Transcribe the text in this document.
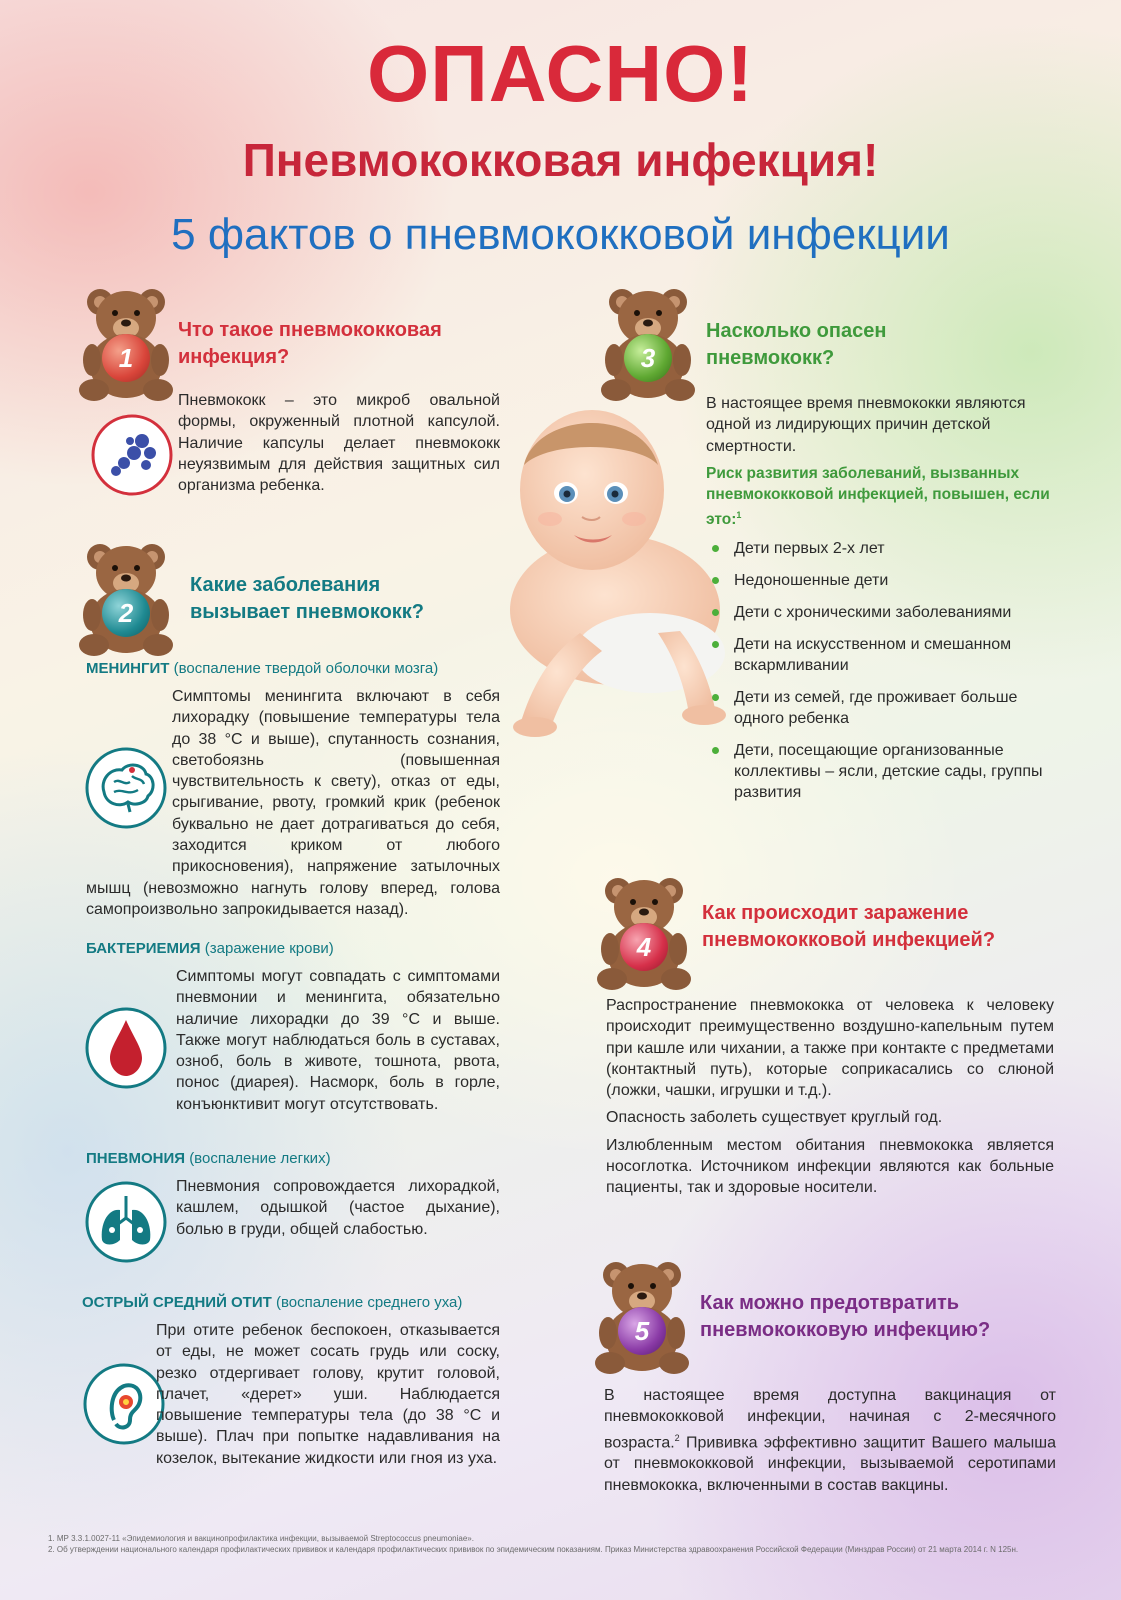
ОПАСНО!
Пневмококковая инфекция!
5 фактов о пневмококковой инфекции
1
Что такое пневмококковая
инфекция?
Пневмококк – это микроб овальной формы, окруженный плотной капсулой. Наличие капсулы делает пневмококк неуязвимым для действия защитных сил организма ребенка.
2
Какие заболевания
вызывает пневмококк?
МЕНИНГИТ (воспаление твердой оболочки мозга)
Симптомы менингита включают в себя лихорадку (повышение температуры тела до 38 °С и выше), спутанность сознания, светобоязнь (повышенная чувствительность к свету), отказ от еды, срыгивание, рвоту, громкий крик (ребенок буквально не дает дотрагиваться до себя, заходится криком от любого прикосновения), напряжение затылочных мышц (невозможно нагнуть голову вперед, голова самопроизвольно запрокидывается назад).
БАКТЕРИЕМИЯ (заражение крови)
Симптомы могут совпадать с симптомами пневмонии и менингита, обязательно наличие лихорадки до 39 °С и выше. Также могут наблюдаться боль в суставах, озноб, боль в животе, тошнота, рвота, понос (диарея). Насморк, боль в горле, конъюнктивит могут отсутствовать.
ПНЕВМОНИЯ (воспаление легких)
Пневмония сопровождается лихорадкой, кашлем, одышкой (частое дыхание), болью в груди, общей слабостью.
ОСТРЫЙ СРЕДНИЙ ОТИТ (воспаление среднего уха)
При отите ребенок беспокоен, отказывается от еды, не может сосать грудь или соску, резко отдергивает голову, крутит головой, плачет, «дерет» уши. Наблюдается повышение температуры тела (до 38 °С и выше). Плач при попытке надавливания на козелок, вытекание жидкости или гноя из уха.
3
Насколько опасен
пневмококк?
В настоящее время пневмококки являются одной из лидирующих причин детской смертности.
Риск развития заболеваний, вызванных пневмококковой инфекцией, повышен, если это:$^1$
Дети первых 2-х лет
Недоношенные дети
Дети с хроническими заболеваниями
Дети на искусственном и смешанном вскармливании
Дети из семей, где проживает больше одного ребенка
Дети, посещающие организованные коллективы – ясли, детские сады, группы развития
4
Как происходит заражение
пневмококковой инфекцией?
Распространение пневмококка от человека к человеку происходит преимущественно воздушно-капельным путем при кашле или чихании, а также при контакте с предметами (контактный путь), которые соприкасались со слюной (ложки, чашки, игрушки и т.д.).
Опасность заболеть существует круглый год.
Излюбленным местом обитания пневмококка является носоглотка. Источником инфекции являются как больные пациенты, так и здоровые носители.
5
Как можно предотвратить
пневмококковую инфекцию?
В настоящее время доступна вакцинация от пневмококковой инфекции, начиная с 2-месячного возраста.$^2$ Прививка эффективно защитит Вашего малыша от пневмококковой инфекции, вызываемой серотипами пневмококка, включенными в состав вакцины.
1. МР 3.3.1.0027-11 «Эпидемиология и вакцинопрофилактика инфекции, вызываемой Streptococcus pneumoniae».
2. Об утверждении национального календаря профилактических прививок и календаря профилактических прививок по эпидемическим показаниям. Приказ Министерства здравоохранения Российской Федерации (Минздрав России) от 21 марта 2014 г. N 125н.
